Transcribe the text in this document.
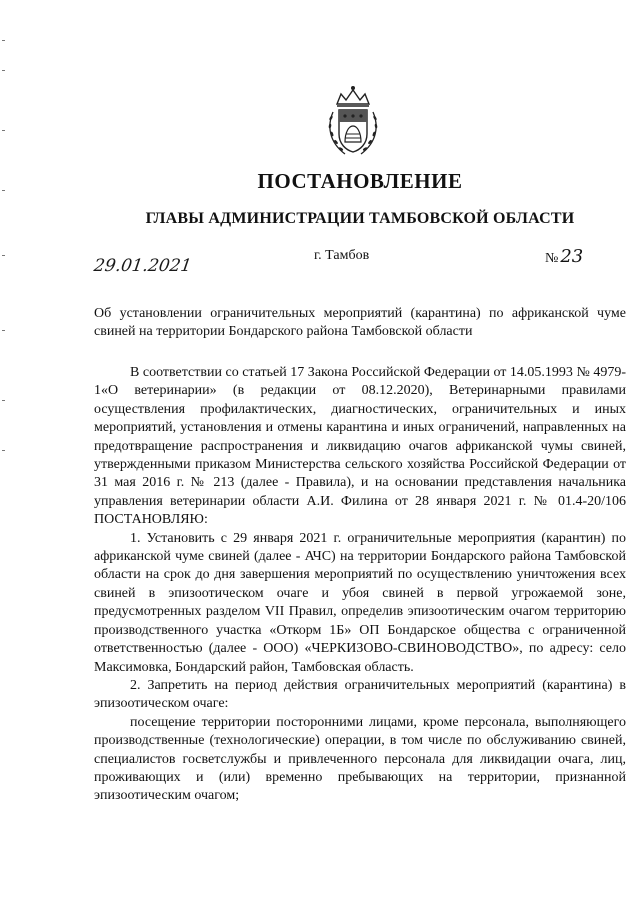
ПОСТАНОВЛЕНИЕ
ГЛАВЫ АДМИНИСТРАЦИИ ТАМБОВСКОЙ ОБЛАСТИ
29.01.2021
г. Тамбов	№ 23
Об установлении ограничительных мероприятий (карантина) по африканской чуме свиней на территории Бондарского района Тамбовской области

В соответствии со статьей 17 Закона Российской Федерации от 14.05.1993 № 4979-1«О ветеринарии» (в редакции от 08.12.2020), Ветеринарными правилами осуществления профилактических, диагностических, ограничительных и иных мероприятий, установления и отмены карантина и иных ограничений, направленных на предотвращение распространения и ликвидацию очагов африканской чумы свиней, утвержденными приказом Министерства сельского хозяйства Российской Федерации от 31 мая 2016 г. № 213 (далее - Правила), и на основании представления начальника управления ветеринарии области А.И. Филина от 28 января 2021 г. № 01.4-20/106 ПОСТАНОВЛЯЮ:

1. Установить с 29 января 2021 г. ограничительные мероприятия (карантин) по африканской чуме свиней (далее - АЧС) на территории Бондарского района Тамбовской области на срок до дня завершения мероприятий по осуществлению уничтожения всех свиней в эпизоотическом очаге и убоя свиней в первой угрожаемой зоне, предусмотренных разделом VII Правил, определив эпизоотическим очагом территорию производственного участка «Откорм 1Б» ОП Бондарское общества с ограниченной ответственностью (далее - ООО) «ЧЕРКИЗОВО-СВИНОВОДСТВО», по адресу: село Максимовка, Бондарский район, Тамбовская область.

2. Запретить на период действия ограничительных мероприятий (карантина) в эпизоотическом очаге:

посещение территории посторонними лицами, кроме персонала, выполняющего производственные (технологические) операции, в том числе по обслуживанию свиней, специалистов госветслужбы и привлеченного персонала для ликвидации очага, лиц, проживающих и (или) временно пребывающих на территории, признанной эпизоотическим очагом;
